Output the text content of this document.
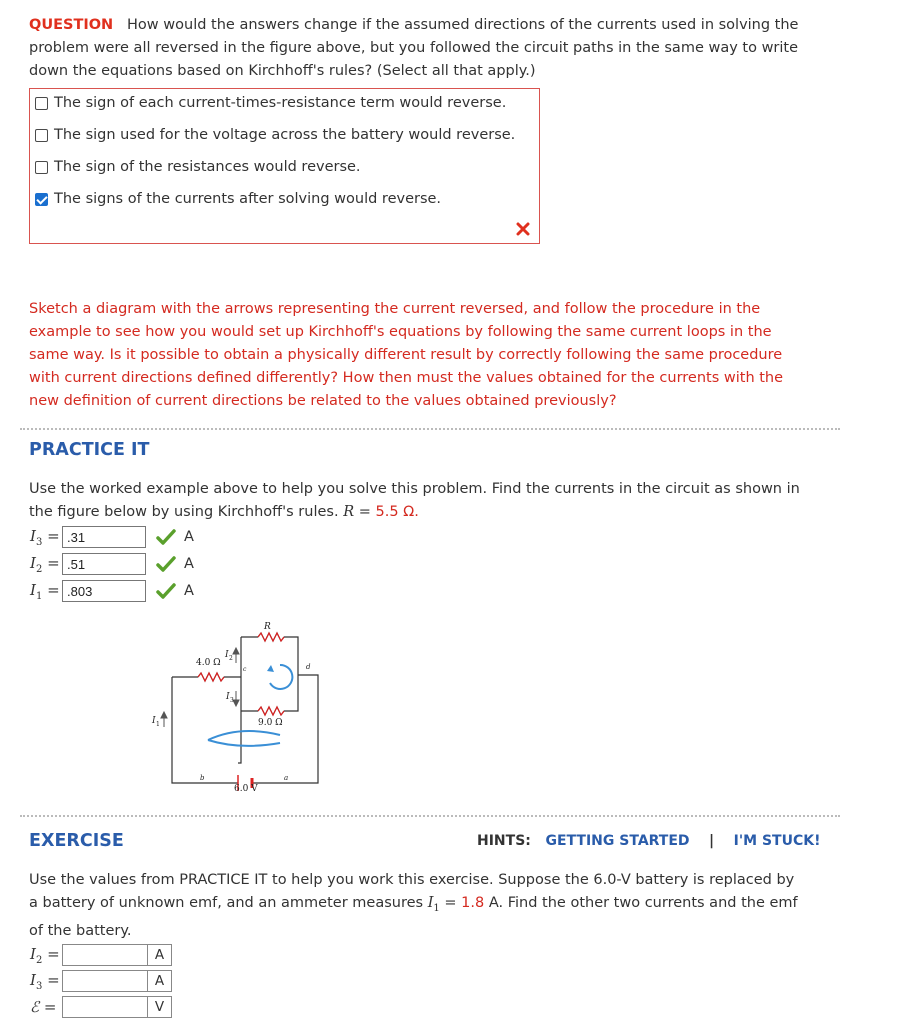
QUESTION How would the answers change if the assumed directions of the currents used in solving the
problem were all reversed in the figure above, but you followed the circuit paths in the same way to write
down the equations based on Kirchhoff's rules? (Select all that apply.)
The sign of each current-times-resistance term would reverse.
The sign used for the voltage across the battery would reverse.
The sign of the resistances would reverse.
The signs of the currents after solving would reverse.
Sketch a diagram with the arrows representing the current reversed, and follow the procedure in the
example to see how you would set up Kirchhoff's equations by following the same current loops in the
same way. Is it possible to obtain a physically different result by correctly following the same procedure
with current directions defined differently? How then must the values obtained for the currents with the
new definition of current directions be related to the values obtained previously?
PRACTICE IT
Use the worked example above to help you solve this problem. Find the currents in the circuit as shown in
the figure below by using Kirchhoff's rules. R = 5.5 Ω.
$I_3 = .31$	A
$I_2 = .51$	A
$I_1 = .803$	A
R
4.0 Ω
9.0 Ω
6.0 V
I 1
I 2
I 3
a
b
c	d
EXERCISE	HINTS: GETTING STARTED | I'M STUCK!
Use the values from PRACTICE IT to help you work this exercise. Suppose the 6.0-V battery is replaced by
a battery of unknown emf, and an ammeter measures $I_1 = 1.8$ A. Find the other two currents and the emf
of the battery.
$I_2$ =	A
$I_3$ =	A
ℰ =	V
